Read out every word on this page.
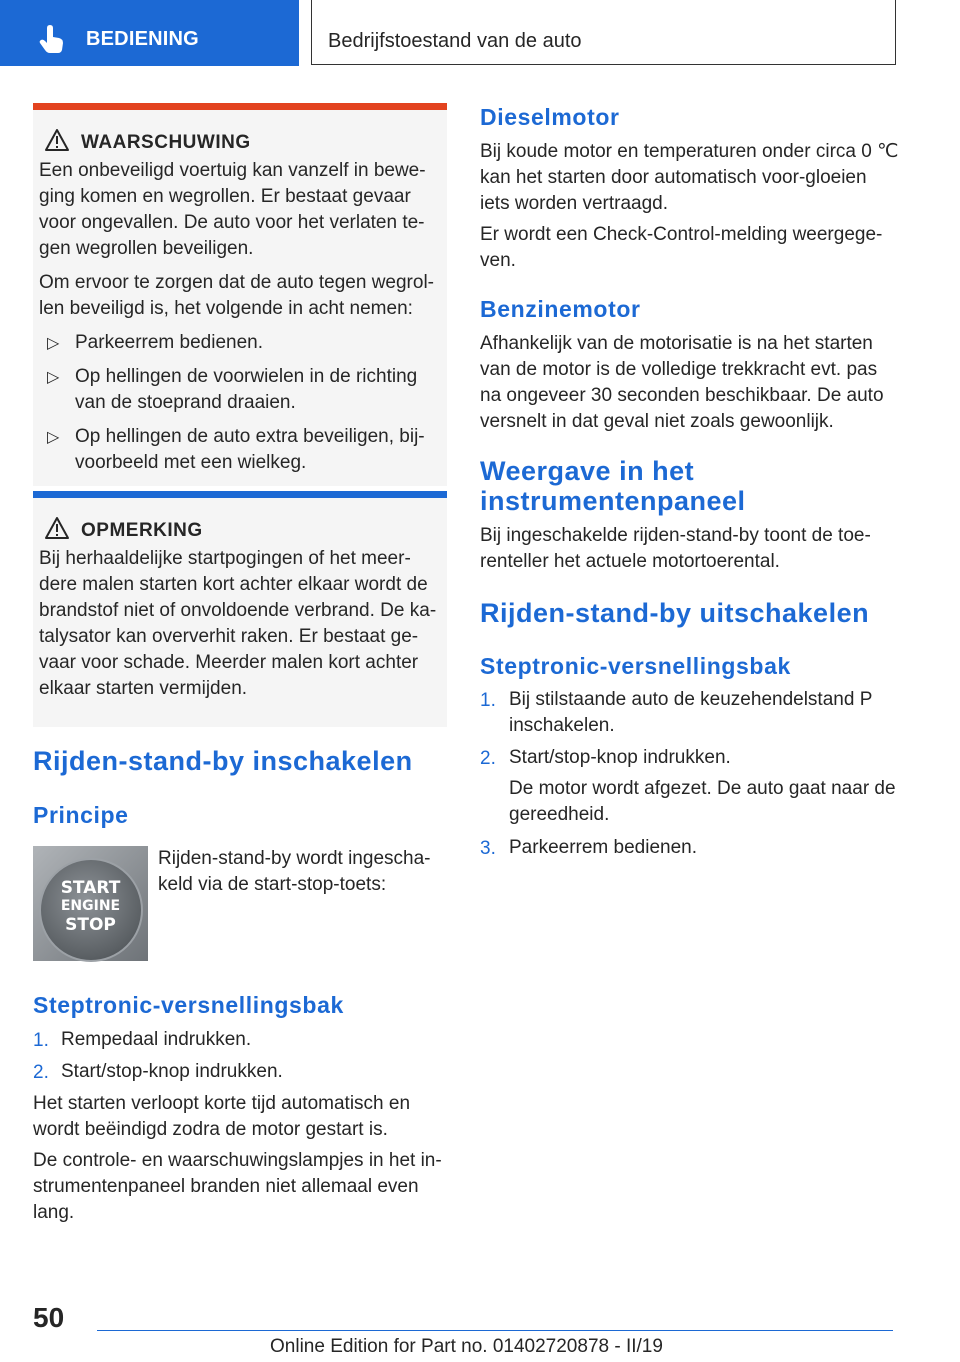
BEDIENING	Bedrijfstoestand van de auto
WAARSCHUWING

Een onbeveiligd voertuig kan vanzelf in bewe-ging komen en wegrollen. Er bestaat gevaar voor ongevallen. De auto voor het verlaten te-gen wegrollen beveiligen.

Om ervoor te zorgen dat de auto tegen wegrol-len beveiligd is, het volgende in acht nemen:

▷ Parkeerrem bedienen.
▷ Op hellingen de voorwielen in de richting van de stoeprand draaien.
▷ Op hellingen de auto extra beveiligen, bij-voorbeeld met een wielkeg.
OPMERKING

Bij herhaaldelijke startpogingen of het meer-dere malen starten kort achter elkaar wordt de brandstof niet of onvoldoende verbrand. De ka-talysator kan oververhit raken. Er bestaat ge-vaar voor schade. Meerder malen kort achter elkaar starten vermijden.

Rijden-stand-by inschakelen
Principe
START
ENGINE
STOP
Rijden-stand-by wordt ingescha-keld via de start-stop-toets:
Steptronic-versnellingsbak
1. Rempedaal indrukken.
2. Start/stop-knop indrukken.
Het starten verloopt korte tijd automatisch en wordt beëindigd zodra de motor gestart is.
De controle- en waarschuwingslampjes in het in-strumentenpaneel branden niet allemaal even lang.
Dieselmotor
Bij koude motor en temperaturen onder circa 0 ℃ kan het starten door automatisch voor-gloeien iets worden vertraagd.
Er wordt een Check-Control-melding weergege-ven.
Benzinemotor
Afhankelijk van de motorisatie is na het starten van de motor is de volledige trekkracht evt. pas na ongeveer 30 seconden beschikbaar. De auto versnelt in dat geval niet zoals gewoonlijk.
Weergave in het instrumentenpaneel
Bij ingeschakelde rijden-stand-by toont de toe-renteller het actuele motortoerental.
Rijden-stand-by uitschakelen
Steptronic-versnellingsbak
1. Bij stilstaande auto de keuzehendelstand P inschakelen.
2. Start/stop-knop indrukken.
De motor wordt afgezet. De auto gaat naar de gereedheid.
3. Parkeerrem bedienen.
50
Online Edition for Part no. 01402720878 - II/19
